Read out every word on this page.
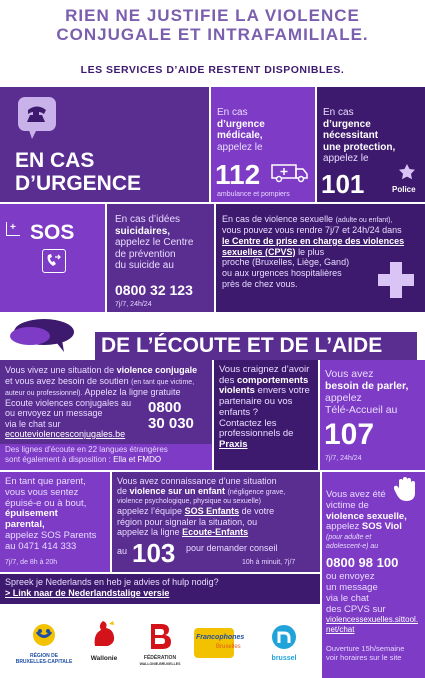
RIEN NE JUSTIFIE LA VIOLENCE
CONJUGALE ET INTRAFAMILIALE.
LES SERVICES D’AIDE RESTENT DISPONIBLES.
EN CAS
D’URGENCE
En cas
d’urgence
médicale,
appelez le
112
ambulance et pompiers
En cas
d’urgence
nécessitant
une protection,
appelez le
101	Police
+ SOS
En cas d’idées
suicidaires,
appelez le Centre
de prévention
du suicide au
0800 32 123
7j/7, 24h/24
En cas de violence sexuelle (adulte ou enfant),
vous pouvez vous rendre 7j/7 et 24h/24 dans
le Centre de prise en charge des violences
sexuelles (CPVS) le plus
proche (Bruxelles, Liège, Gand)
ou aux urgences hospitalières
près de chez vous.
DE L’ÉCOUTE ET DE L’AIDE
Vous vivez une situation de violence conjugale
et vous avez besoin de soutien (en tant que victime,
auteur ou professionnel). Appelez la ligne gratuite
Ecoute violences conjugales au
ou envoyez un message
via le chat sur
ecouteviolencesconjugales.be
0800
30 030
Des lignes d’écoute en 22 langues étrangères
sont également à disposition : Ella et FMDO
Vous craignez d’avoir
des comportements
violents envers votre
partenaire ou vos
enfants ?
Contactez les
professionnels de
Praxis
Vous avez
besoin de parler,
appelez
Télé-Accueil au
107
7j/7, 24h/24
En tant que parent,
vous vous sentez
épuisé-e ou à bout,
épuisement
parental,
appelez SOS Parents
au 0471 414 333
7j/7, de 8h à 20h
Vous avez connaissance d’une situation
de violence sur un enfant (négligence grave,
violence psychologique, physique ou sexuelle)
appelez l’équipe SOS Enfants de votre
région pour signaler la situation, ou
appelez la ligne Ecoute-Enfants
au 103 pour demander conseil
10h à minuit, 7j/7
Vous avez été
victime de
violence sexuelle,
appelez SOS Viol
(pour adulte et
adolescent-e) au
0800 98 100
ou envoyez
un message
via le chat
des CPVS sur
violencessexuelles.sittool.
net/chat
Ouverture 15h/semaine
voir horaires sur le site
Spreek je Nederlands en heb je advies of hulp nodig?
> Link naar de Nederlandstalige versie
RÉGION DE
BRUXELLES-CAPITALE	Wallonie	FÉDÉRATION
WALLONIE-BRUXELLES
Francophones
Bruxelles
brussel
